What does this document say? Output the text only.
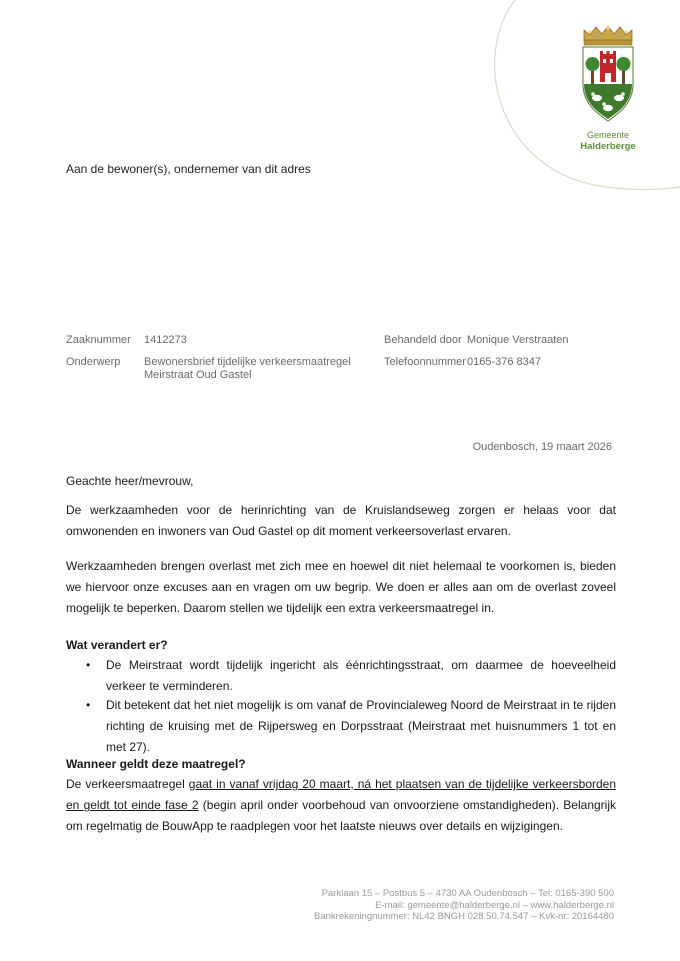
Gemeente
Halderberge
Aan de bewoner(s), ondernemer van dit adres
Zaaknummer 1412273
Onderwerp Bewonersbrief tijdelijke verkeersmaatregel
Meirstraat Oud Gastel
Behandeld door Monique Verstraaten
Telefoonnummer 0165-376 8347
Oudenbosch, 19 maart 2026

Geachte heer/mevrouw,

De werkzaamheden voor de herinrichting van de Kruislandseweg zorgen er helaas voor dat omwonenden en inwoners van Oud Gastel op dit moment verkeersoverlast ervaren.

Werkzaamheden brengen overlast met zich mee en hoewel dit niet helemaal te voorkomen is, bieden we hiervoor onze excuses aan en vragen om uw begrip. We doen er alles aan om de overlast zoveel mogelijk te beperken. Daarom stellen we tijdelijk een extra verkeersmaatregel in.

Wat verandert er?
• De Meirstraat wordt tijdelijk ingericht als éénrichtingsstraat, om daarmee de hoeveelheid verkeer te verminderen.
• Dit betekent dat het niet mogelijk is om vanaf de Provincialeweg Noord de Meirstraat in te rijden richting de kruising met de Rijpersweg en Dorpsstraat (Meirstraat met huisnummers 1 tot en met 27).
Wanneer geldt deze maatregel?

De verkeersmaatregel gaat in vanaf vrijdag 20 maart, ná het plaatsen van de tijdelijke verkeersborden en geldt tot einde fase 2 (begin april onder voorbehoud van onvoorziene omstandigheden). Belangrijk om regelmatig de BouwApp te raadplegen voor het laatste nieuws over details en wijzigingen.

Parklaan 15 – Postbus 5 – 4730 AA Oudenbosch – Tel: 0165-390 500
E-mail: gemeente@halderberge.nl – www.halderberge.nl
Bankrekeningnummer: NL42 BNGH 028.50.74.547 – Kvk-nr: 20164480
